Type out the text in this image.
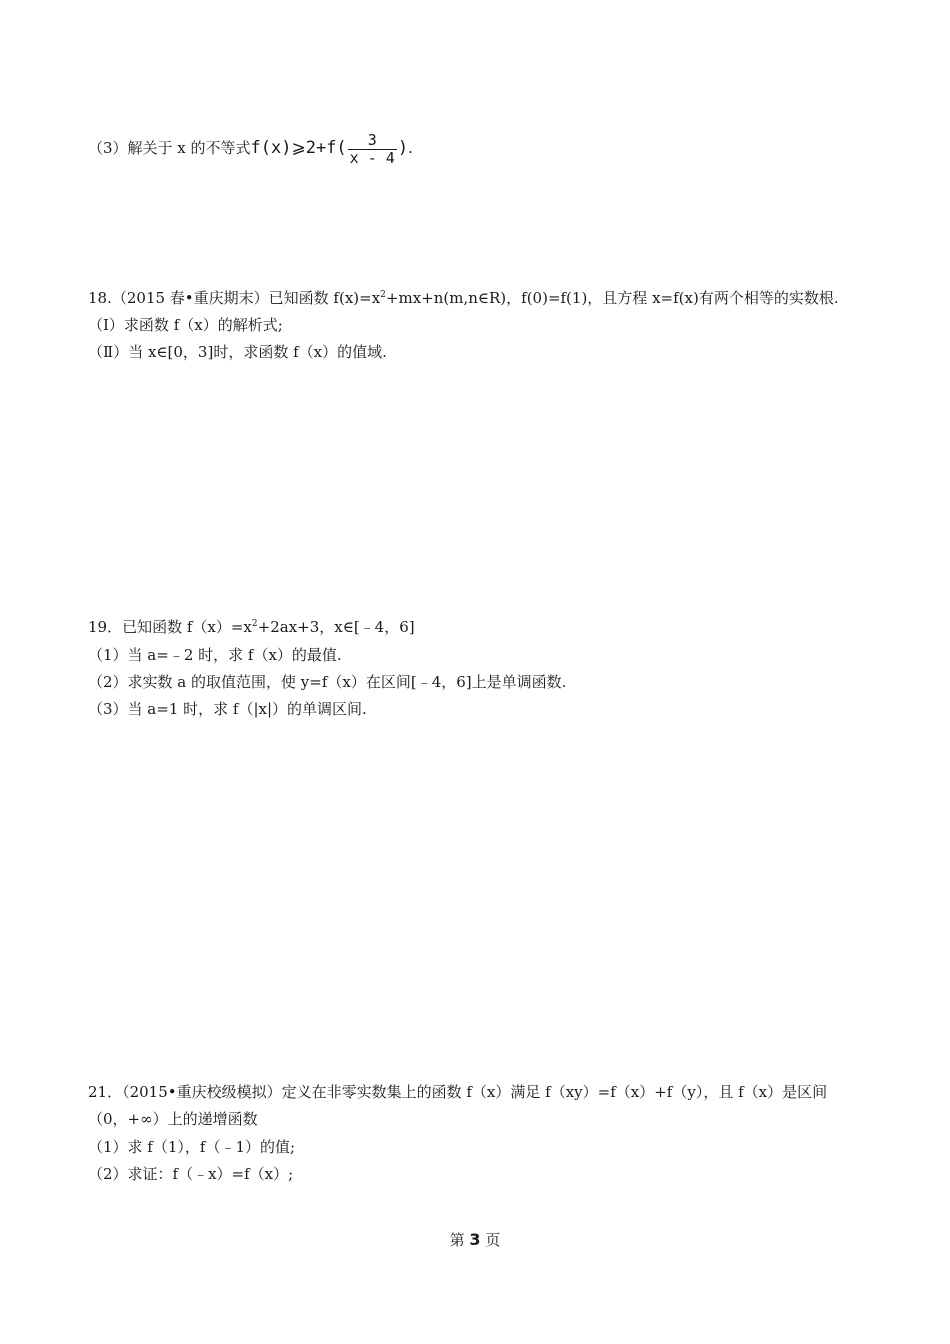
（3）解关于 x 的不等式f(x)⩾2+f( $\frac{3}{x - 4}$ ).
18.（2015 春•重庆期末）已知函数 $f(x)=x^2+mx+n(m,n\in R)$，f(0)=f(1)，且方程 x=f(x)有两个相等的实数根.
（Ⅰ）求函数 f（x）的解析式;
（Ⅱ）当 x∈[0，3]时，求函数 f（x）的值域.
19．已知函数 $f(x)=x^2+2ax+3$，x∈[﹣4，6]
（1）当 a=﹣2 时，求 f（x）的最值.
（2）求实数 a 的取值范围，使 y=f（x）在区间[﹣4，6]上是单调函数.
（3）当 a=1 时，求 f（|x|）的单调区间.
21．（2015•重庆校级模拟）定义在非零实数集上的函数 f（x）满足 f（xy）=f（x）+f（y），且 f（x）是区间
（0，+∞）上的递增函数
（1）求 f（1），f（﹣1）的值;
（2）求证：f（﹣x）=f（x）;
第 3 页
